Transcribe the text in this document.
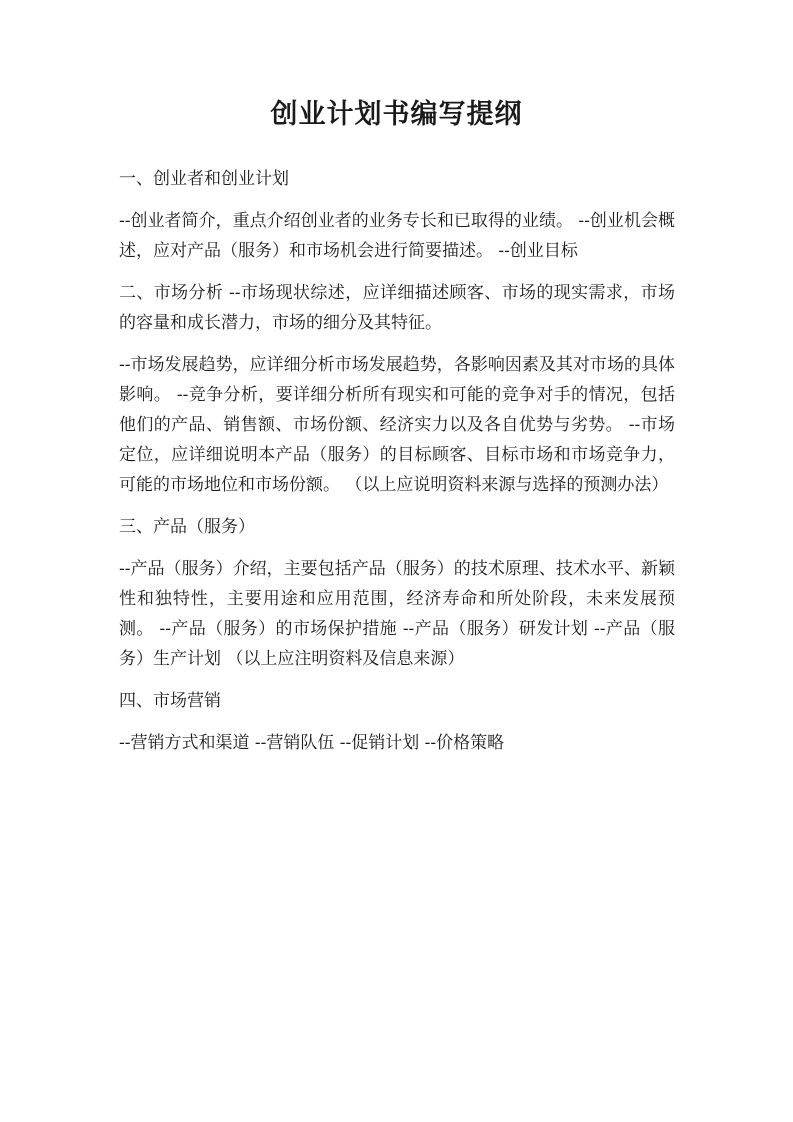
创业计划书编写提纲

一、创业者和创业计划

--创业者简介，重点介绍创业者的业务专长和已取得的业绩。 --创业机会概述，应对产品（服务）和市场机会进行简要描述。 --创业目标

二、市场分析 --市场现状综述，应详细描述顾客、市场的现实需求，市场的容量和成长潜力，市场的细分及其特征。

--市场发展趋势，应详细分析市场发展趋势，各影响因素及其对市场的具体影响。 --竞争分析，要详细分析所有现实和可能的竞争对手的情况，包括他们的产品、销售额、市场份额、经济实力以及各自优势与劣势。 --市场定位，应详细说明本产品（服务）的目标顾客、目标市场和市场竞争力，可能的市场地位和市场份额。 （以上应说明资料来源与选择的预测办法）

三、产品（服务）

--产品（服务）介绍，主要包括产品（服务）的技术原理、技术水平、新颖性和独特性，主要用途和应用范围，经济寿命和所处阶段，未来发展预测。 --产品（服务）的市场保护措施 --产品（服务）研发计划 --产品（服务）生产计划 （以上应注明资料及信息来源）

四、市场营销

--营销方式和渠道 --营销队伍 --促销计划 --价格策略
